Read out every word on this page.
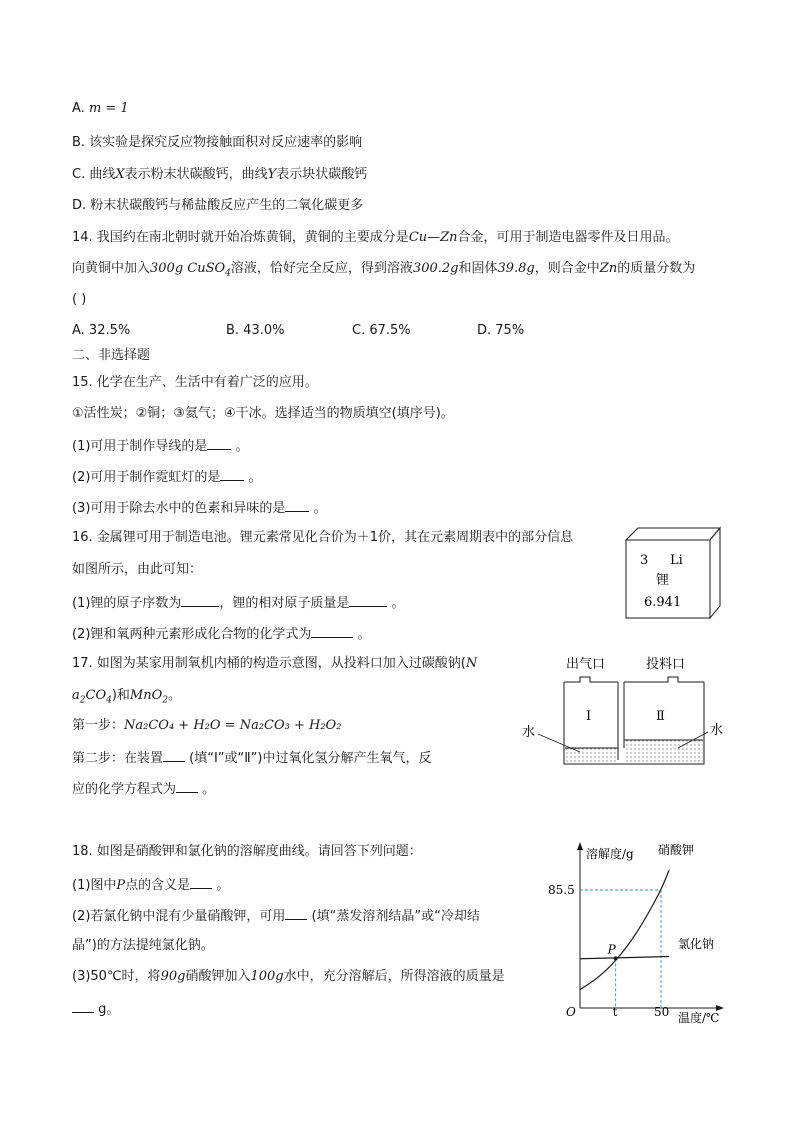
A. m = 1
B. 该实验是探究反应物接触面积对反应速率的影响
C. 曲线X表示粉末状碳酸钙，曲线Y表示块状碳酸钙
D. 粉末状碳酸钙与稀盐酸反应产生的二氧化碳更多
14. 我国约在南北朝时就开始冶炼黄铜，黄铜的主要成分是Cu—Zn合金，可用于制造电器零件及日用品。
向黄铜中加入300g CuSO$_4$溶液，恰好完全反应，得到溶液300.2g和固体39.8g，则合金中Zn的质量分数为
( )
A. 32.5%	B. 43.0%	C. 67.5%	D. 75%
二、非选择题
15. 化学在生产、生活中有着广泛的应用。
①活性炭；②铜；③氦气；④干冰。选择适当的物质填空(填序号)。
(1)可用于制作导线的是 。
(2)可用于制作霓虹灯的是 。
(3)可用于除去水中的色素和异味的是 。
16. 金属锂可用于制造电池。锂元素常见化合价为＋1价，其在元素周期表中的部分信息
如图所示，由此可知：
(1)锂的原子序数为	，锂的相对原子质量是	。
(2)锂和氧两种元素形成化合物的化学式为	。
3 Li
锂
6.941
17. 如图为某家用制氧机内桶的构造示意图，从投料口加入过碳酸钠(N
$a_2CO_4$)和MnO$_2$。
第一步：Na₂CO₄ + H₂O = Na₂CO₃ + H₂O₂
第二步：在装置 (填“Ⅰ”或“Ⅱ”)中过氧化氢分解产生氧气，反
应的化学方程式为 。
出气口	投料口
Ⅰ	Ⅱ
水	水
18. 如图是硝酸钾和氯化钠的溶解度曲线。请回答下列问题：
(1)图中P点的含义是 。
(2)若氯化钠中混有少量硝酸钾，可用 (填“蒸发溶剂结晶”或“冷却结
晶”)的方法提纯氯化钠。
(3)50℃时，将90g硝酸钾加入100g水中，充分溶解后，所得溶液的质量是
g。
溶解度/g
温度/℃
O
硝酸钾
氯化钠
85.5
t	50
P
